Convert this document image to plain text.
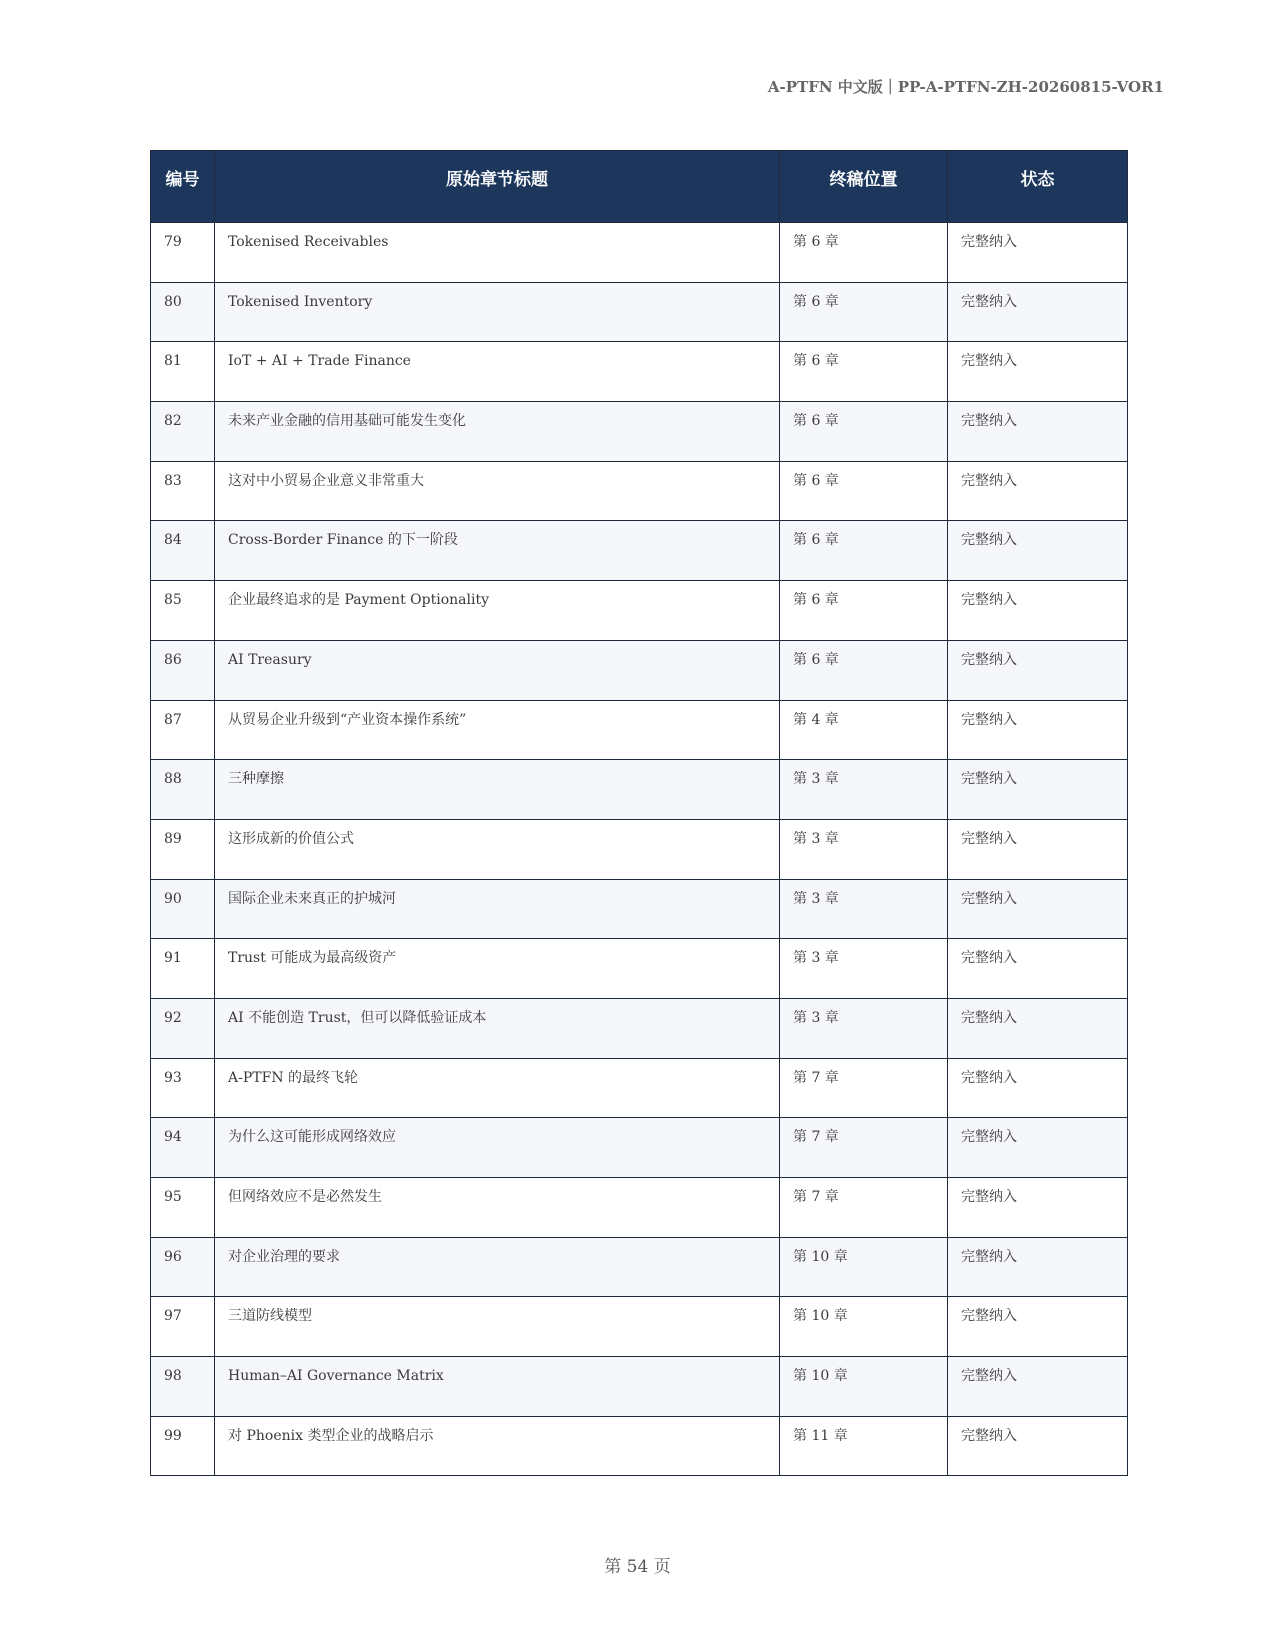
A-PTFN 中文版｜PP-A-PTFN-ZH-20260815-VOR1
编号	原始章节标题	终稿位置	状态
79	Tokenised Receivables	第 6 章	完整纳入
80	Tokenised Inventory	第 6 章	完整纳入
81	IoT + AI + Trade Finance	第 6 章	完整纳入
82	未来产业金融的信用基础可能发生变化	第 6 章	完整纳入
83	这对中小贸易企业意义非常重大	第 6 章	完整纳入
84	Cross-Border Finance 的下一阶段	第 6 章	完整纳入
85	企业最终追求的是 Payment Optionality	第 6 章	完整纳入
86	AI Treasury	第 6 章	完整纳入
87	从贸易企业升级到“产业资本操作系统”	第 4 章	完整纳入
88	三种摩擦	第 3 章	完整纳入
89	这形成新的价值公式	第 3 章	完整纳入
90	国际企业未来真正的护城河	第 3 章	完整纳入
91	Trust 可能成为最高级资产	第 3 章	完整纳入
92	AI 不能创造 Trust，但可以降低验证成本	第 3 章	完整纳入
93	A-PTFN 的最终飞轮	第 7 章	完整纳入
94	为什么这可能形成网络效应	第 7 章	完整纳入
95	但网络效应不是必然发生	第 7 章	完整纳入
96	对企业治理的要求	第 10 章	完整纳入
97	三道防线模型	第 10 章	完整纳入
98	Human–AI Governance Matrix	第 10 章	完整纳入
99	对 Phoenix 类型企业的战略启示	第 11 章	完整纳入
第 54 页
